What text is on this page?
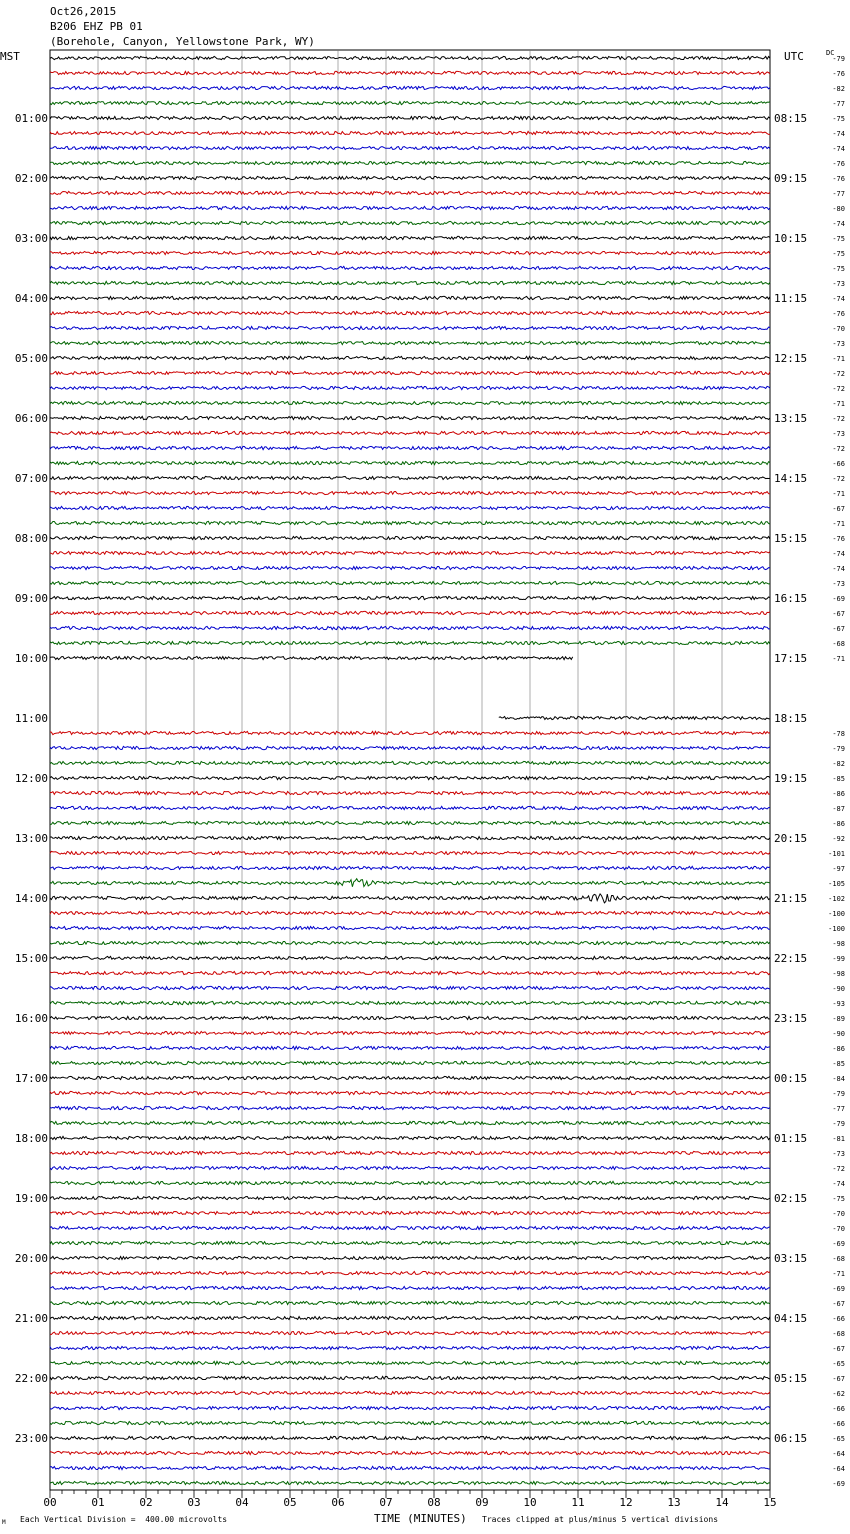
Oct26,2015
B206 EHZ PB 01
(Borehole, Canyon, Yellowstone Park, WY)
MST	UTC	DC
00	01	02	03	04	05	06	07	08	09	10	11	12	13	14	15
01:00
02:00
03:00
04:00
05:00
06:00
07:00
08:00
09:00
10:00
11:00
12:00
13:00
14:00
15:00
16:00
17:00
18:00
19:00
20:00
21:00
22:00
23:00
08:15
09:15
10:15
11:15
12:15
13:15
14:15
15:15
16:15
17:15
18:15
19:15
20:15
21:15
22:15
23:15
00:15
01:15
02:15
03:15
04:15
05:15
06:15
-79
-76
-82
-77
-75
-74
-74
-76
-76
-77
-80
-74
-75
-75
-75
-73
-74
-76
-70
-73
-71
-72
-72
-71
-72
-73
-72
-66
-72
-71
-67
-71
-76
-74
-74
-73
-69
-67
-67
-68
-71
-78
-79
-82
-85
-86
-87
-86
-92
-101
-97
-105
-102
-100
-100
-98
-99
-98
-90
-93
-89
-90
-86
-85
-84
-79
-77
-79
-81
-73
-72
-74
-75
-70
-70
-69
-68
-71
-69
-67
-66
-68
-67
-65
-67
-62
-66
-66
-65
-64
-64
-69
M Each Vertical Division =  400.00 microvolts	TIME (MINUTES) Traces clipped at plus/minus 5 vertical divisions
